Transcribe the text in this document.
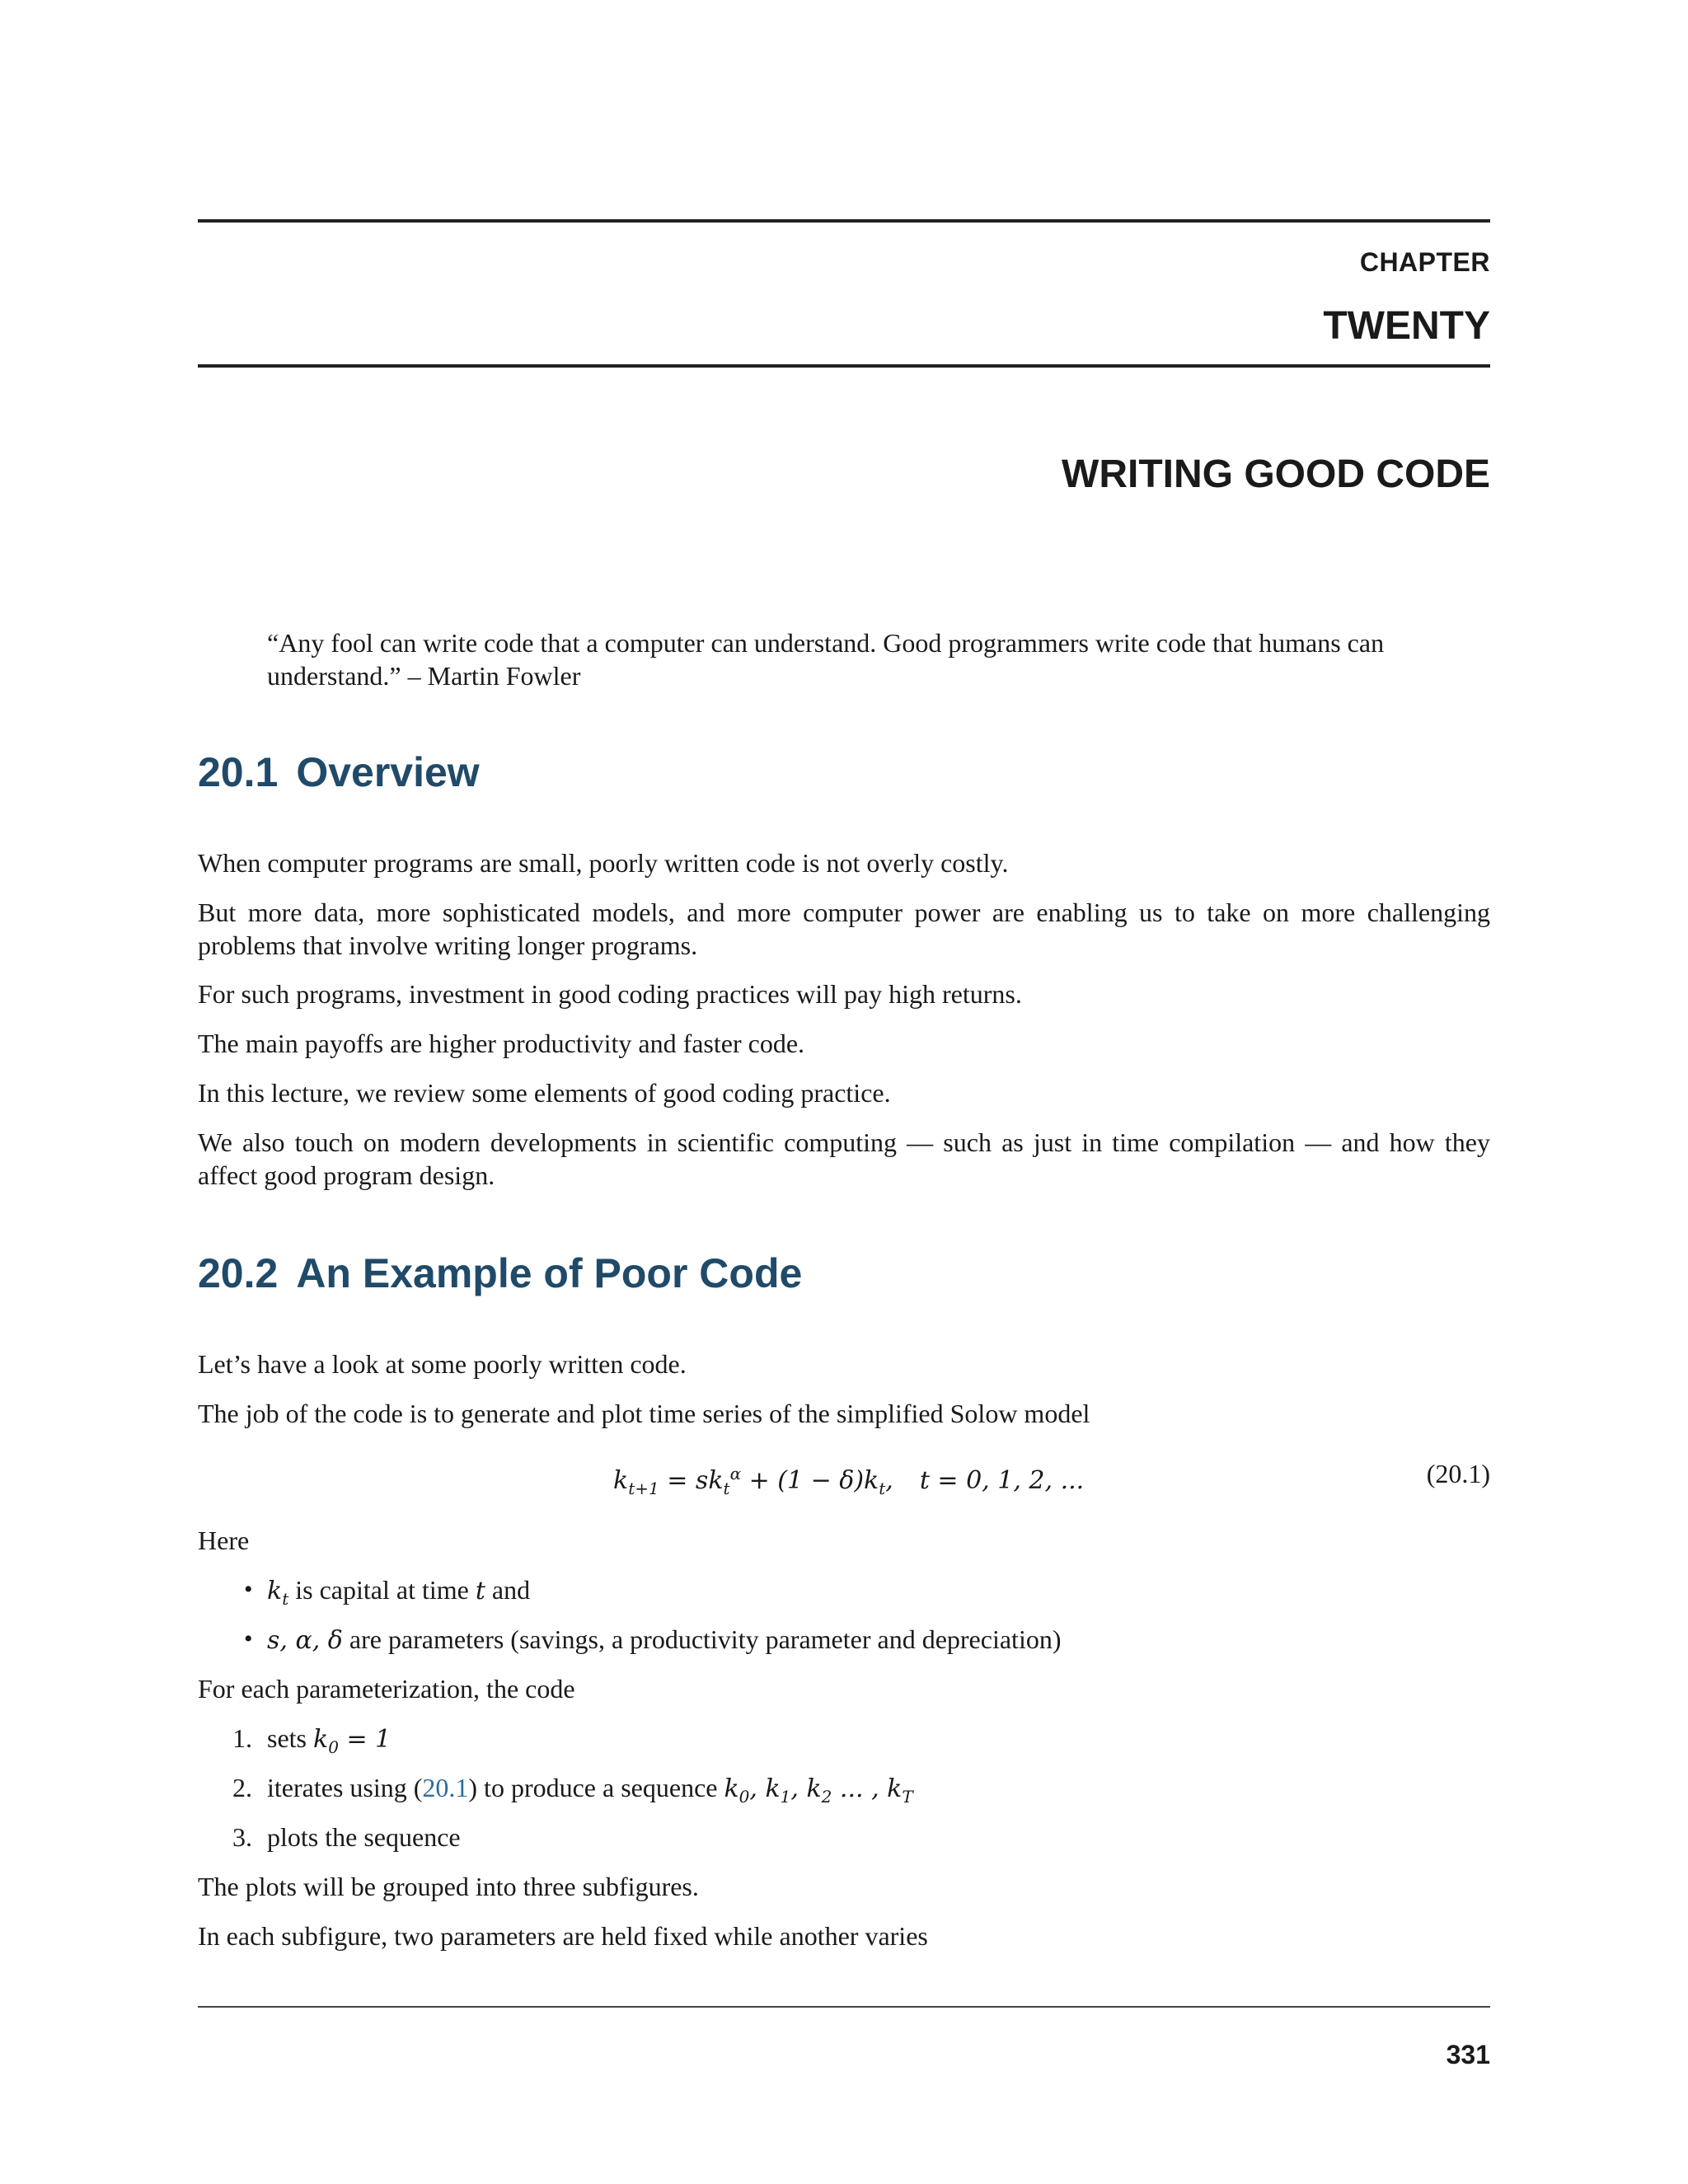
CHAPTER
TWENTY
WRITING GOOD CODE
“Any fool can write code that a computer can understand. Good programmers write code that humans can understand.” – Martin Fowler
20.1 Overview

When computer programs are small, poorly written code is not overly costly.

But more data, more sophisticated models, and more computer power are enabling us to take on more challenging problems that involve writing longer programs.

For such programs, investment in good coding practices will pay high returns.

The main payoffs are higher productivity and faster code.

In this lecture, we review some elements of good coding practice.

We also touch on modern developments in scientific computing — such as just in time compilation — and how they affect good program design.

20.2 An Example of Poor Code

Let’s have a look at some poorly written code.

The job of the code is to generate and plot time series of the simplified Solow model

$k_{t+1} = sk_t^\alpha + (1 - \delta)k_t$, t = 0, 1, 2, ...	(20.1)

Here

• $k_t$ is capital at time t and
• s, α, δ are parameters (savings, a productivity parameter and depreciation)

For each parameterization, the code

1. sets $k_0 = 1$
2. iterates using (20.1) to produce a sequence $k_0$, $k_1$, $k_2$ ... , $k_T$
3. plots the sequence

The plots will be grouped into three subfigures.

In each subfigure, two parameters are held fixed while another varies

331
